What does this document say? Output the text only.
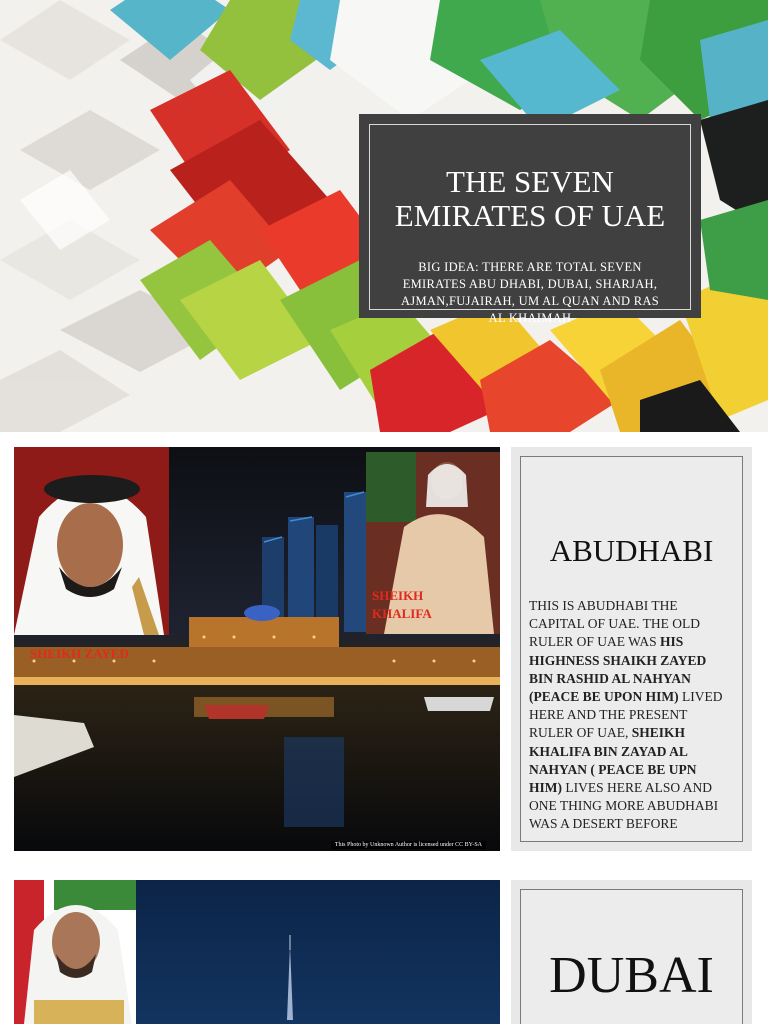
THE SEVEN EMIRATES OF UAE
BIG IDEA: THERE ARE TOTAL SEVEN EMIRATES ABU DHABI, DUBAI, SHARJAH, AJMAN,FUJAIRAH, UM AL QUAN AND RAS AL KHAIMAH
SHEIKH ZAYED
SHEIKH KHALIFA
This Photo by Unknown Author is licensed under CC BY-SA
ABUDHABI
THIS IS ABUDHABI THE CAPITAL OF UAE. THE OLD RULER OF UAE WAS HIS HIGHNESS SHAIKH ZAYED BIN RASHID AL NAHYAN (PEACE BE UPON HIM) LIVED HERE AND THE PRESENT RULER OF UAE, SHEIKH KHALIFA BIN ZAYAD AL NAHYAN ( PEACE BE UPN HIM) LIVES HERE ALSO AND ONE THING MORE ABUDHABI WAS A DESERT BEFORE
DUBAI
